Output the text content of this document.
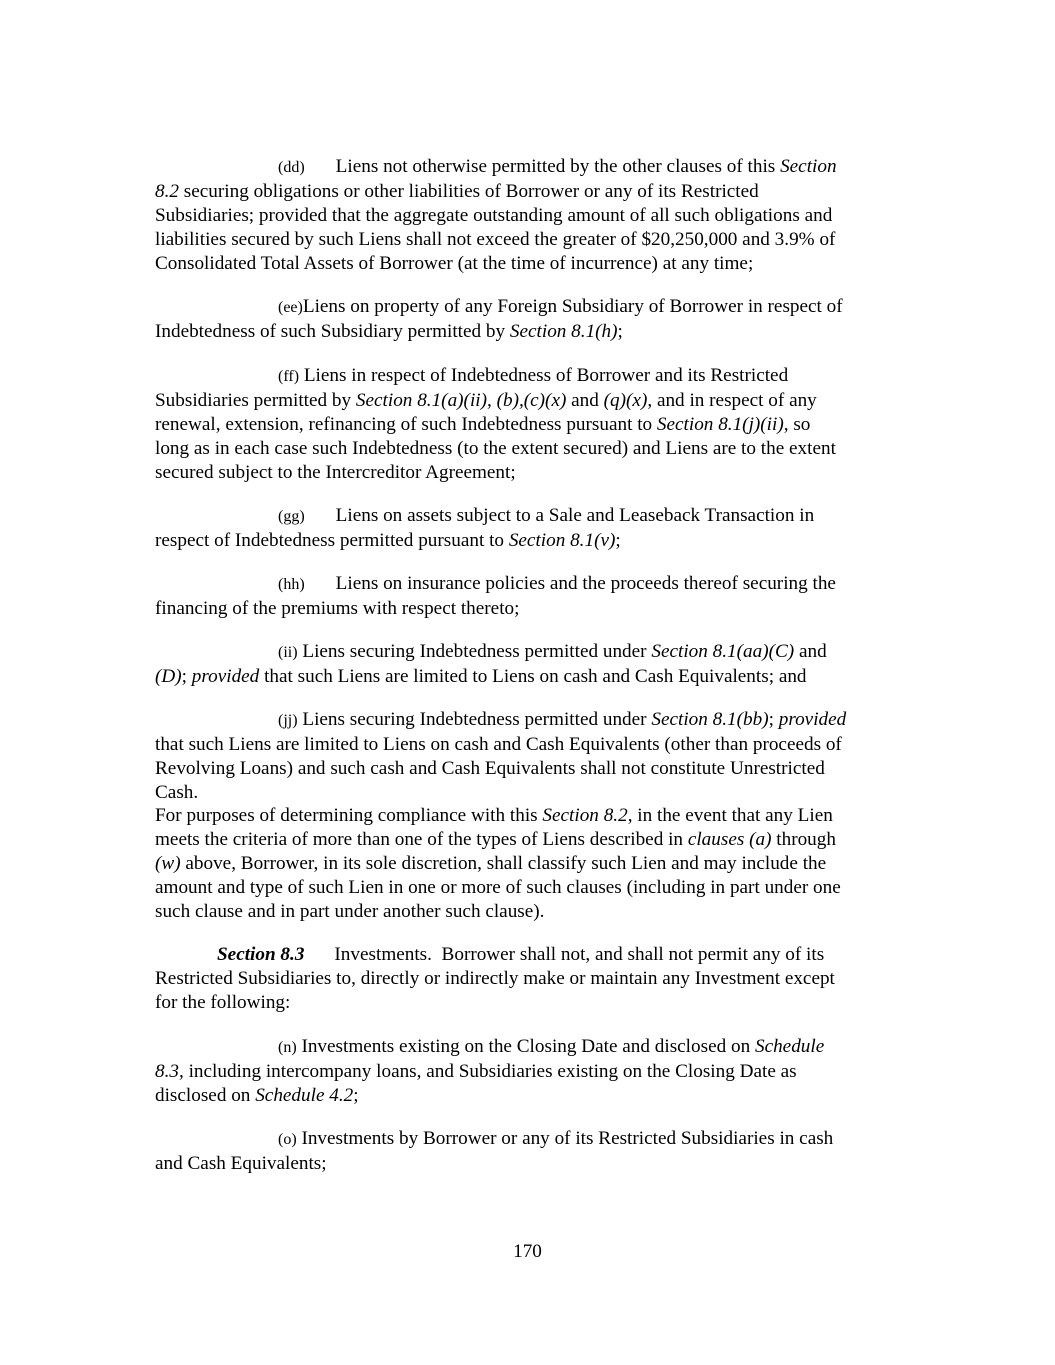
(dd) Liens not otherwise permitted by the other clauses of this Section
8.2 securing obligations or other liabilities of Borrower or any of its Restricted
Subsidiaries; provided that the aggregate outstanding amount of all such obligations and
liabilities secured by such Liens shall not exceed the greater of $20,250,000 and 3.9% of
Consolidated Total Assets of Borrower (at the time of incurrence) at any time;
(ee)Liens on property of any Foreign Subsidiary of Borrower in respect of
Indebtedness of such Subsidiary permitted by Section 8.1(h);
(ff) Liens in respect of Indebtedness of Borrower and its Restricted
Subsidiaries permitted by Section 8.1(a)(ii), (b),(c)(x) and (q)(x), and in respect of any
renewal, extension, refinancing of such Indebtedness pursuant to Section 8.1(j)(ii), so
long as in each case such Indebtedness (to the extent secured) and Liens are to the extent
secured subject to the Intercreditor Agreement;
(gg) Liens on assets subject to a Sale and Leaseback Transaction in
respect of Indebtedness permitted pursuant to Section 8.1(v);
(hh) Liens on insurance policies and the proceeds thereof securing the
financing of the premiums with respect thereto;
(ii) Liens securing Indebtedness permitted under Section 8.1(aa)(C) and
(D); provided that such Liens are limited to Liens on cash and Cash Equivalents; and
(jj) Liens securing Indebtedness permitted under Section 8.1(bb); provided
that such Liens are limited to Liens on cash and Cash Equivalents (other than proceeds of
Revolving Loans) and such cash and Cash Equivalents shall not constitute Unrestricted
Cash.
For purposes of determining compliance with this Section 8.2, in the event that any Lien
meets the criteria of more than one of the types of Liens described in clauses (a) through
(w) above, Borrower, in its sole discretion, shall classify such Lien and may include the
amount and type of such Lien in one or more of such clauses (including in part under one
such clause and in part under another such clause).
Section 8.3 Investments.  Borrower shall not, and shall not permit any of its
Restricted Subsidiaries to, directly or indirectly make or maintain any Investment except
for the following:
(n) Investments existing on the Closing Date and disclosed on Schedule
8.3, including intercompany loans, and Subsidiaries existing on the Closing Date as
disclosed on Schedule 4.2;
(o) Investments by Borrower or any of its Restricted Subsidiaries in cash
and Cash Equivalents;
170
